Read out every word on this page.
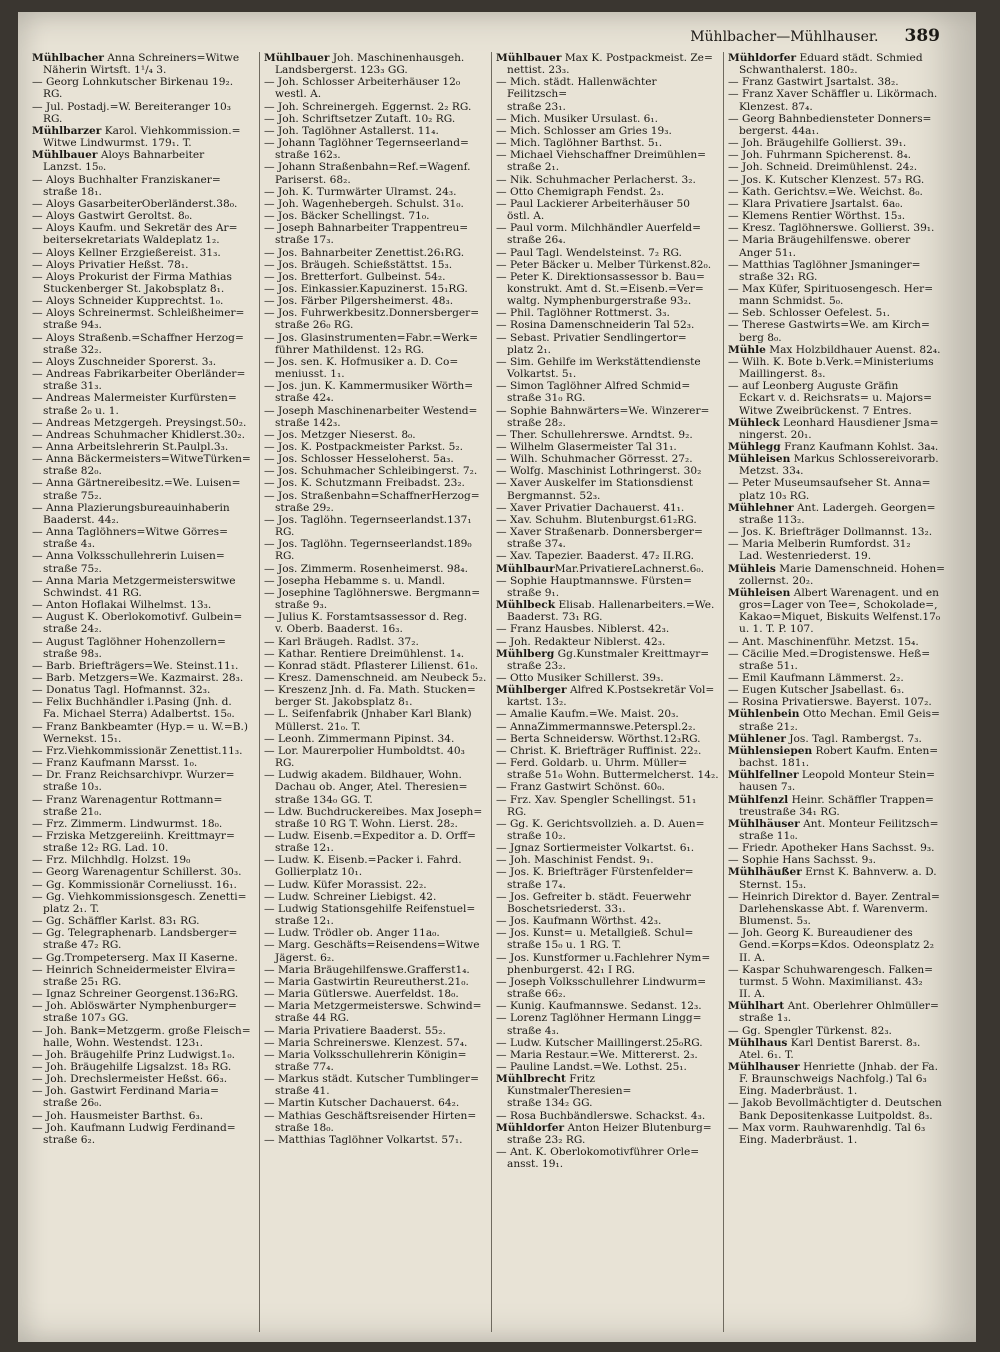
Mühlbacher—Mühlhauser. 389

Mühlbacher Anna Schreiners=Witwe
Näherin Wirtsft. 1¹/₄ 3.

— Georg Lohnkutscher Birkenau 19₂.
RG.

— Jul. Postadj.=W. Bereiteranger 10₃
RG.

Mühlbarzer Karol. Viehkommission.=
Witwe Lindwurmst. 179₁. T.

Mühlbauer Aloys Bahnarbeiter
Lanzst. 15₀.

— Aloys Buchhalter Franziskaner=
straße 18₁.

— Aloys GasarbeiterOberländerst.38₀.

— Aloys Gastwirt Geroltst. 8₀.

— Aloys Kaufm. und Sekretär des Ar=
beitersekretariats Waldeplatz 1₂.

— Aloys Kellner Erzgießereist. 31₃.

— Aloys Privatier Heßst. 78₁.

— Aloys Prokurist der Firma Mathias
Stuckenberger St. Jakobsplatz 8₁.

— Aloys Schneider Kupprechtst. 1₀.

— Aloys Schreinermst. Schleißheimer=
straße 94₃.

— Aloys Straßenb.=Schaffner Herzog=
straße 32₂.

— Aloys Zuschneider Sporerst. 3₃.

— Andreas Fabrikarbeiter Oberländer=
straße 31₃.

— Andreas Malermeister Kurfürsten=
straße 2₀ u. 1.

— Andreas Metzgergeh. Preysingst.50₂.

— Andreas Schuhmacher Khidlerst.30₂.

— Anna Arbeitslehrerin St.Paulpl.3₃.

— Anna Bäckermeisters=WitweTürken=
straße 82₀.

— Anna Gärtnereibesitz.=We. Luisen=
straße 75₂.

— Anna Plazierungsbureauinhaberin
Baaderst. 44₂.

— Anna Taglöhners=Witwe Görres=
straße 4₃.

— Anna Volksschullehrerin Luisen=
straße 75₂.

— Anna Maria Metzgermeisterswitwe
Schwindst. 41 RG.

— Anton Hoflakai Wilhelmst. 13₃.

— August K. Oberlokomotivf. Gulbein=
straße 24₂.

— August Taglöhner Hohenzollern=
straße 98₃.

— Barb. Briefträgers=We. Steinst.11₁.

— Barb. Metzgers=We. Kazmairst. 28₃.

— Donatus Tagl. Hofmannst. 32₃.

— Felix Buchhändler i.Pasing (Jnh. d.
Fa. Michael Sterra) Adalbertst. 15₀.

— Franz Bankbeamter (Hyp.= u. W.=B.)
Wernekst. 15₁.

— Frz.Viehkommissionär Zenettist.11₃.

— Franz Kaufmann Marsst. 1₀.

— Dr. Franz Reichsarchivpr. Wurzer=
straße 10₃.

— Franz Warenagentur Rottmann=
straße 21₀.

— Frz. Zimmerm. Lindwurmst. 18₀.

— Frziska Metzgereiinh. Kreittmayr=
straße 12₂ RG. Lad. 10.

— Frz. Milchhdlg. Holzst. 19₀

— Georg Warenagentur Schillerst. 30₃.

— Gg. Kommissionär Corneliusst. 16₁.

— Gg. Viehkommissionsgesch. Zenetti=
platz 2₁. T.

— Gg. Schäffler Karlst. 83₁ RG.

— Gg. Telegraphenarb. Landsberger=
straße 47₂ RG.

— Gg.Trompeterserg. Max II Kaserne.

— Heinrich Schneidermeister Elvira=
straße 25₁ RG.

— Ignaz Schreiner Georgenst.136₂RG.

— Joh. Ablöswärter Nymphenburger=
straße 107₃ GG.

— Joh. Bank=Metzgerm. große Fleisch=
halle, Wohn. Westendst. 123₁.

— Joh. Bräugehilfe Prinz Ludwigst.1₀.

— Joh. Bräugehilfe Ligsalzst. 18₃ RG.

— Joh. Drechslermeister Heßst. 66₃.

— Joh. Gastwirt Ferdinand Maria=
straße 26₀.

— Joh. Hausmeister Barthst. 6₃.

— Joh. Kaufmann Ludwig Ferdinand=
straße 6₂.

Mühlbauer Joh. Maschinenhausgeh.
Landsbergerst. 123₃ GG.

— Joh. Schlosser Arbeiterhäuser 12₀
westl. A.

— Joh. Schreinergeh. Eggernst. 2₂ RG.

— Joh. Schriftsetzer Zutaft. 10₂ RG.

— Joh. Taglöhner Astallerst. 11₄.

— Johann Taglöhner Tegernseerland=
straße 162₃.

— Johann Straßenbahn=Ref.=Wagenf.
Pariserst. 68₂.

— Joh. K. Turmwärter Ulramst. 24₃.

— Joh. Wagenhebergeh. Schulst. 31₀.

— Jos. Bäcker Schellingst. 71₀.

— Joseph Bahnarbeiter Trappentreu=
straße 17₃.

— Jos. Bahnarbeiter Zenettist.26₁RG.

— Jos. Bräugeh. Schießstättst. 15₃.

— Jos. Bretterfort. Gulbeinst. 54₂.

— Jos. Einkassier.Kapuzinerst. 15₁RG.

— Jos. Färber Pilgersheimerst. 48₃.

— Jos. Fuhrwerkbesitz.Donnersberger=
straße 26₀ RG.

— Jos. Glasinstrumenten=Fabr.=Werk=
führer Mathildenst. 12₃ RG.

— Jos. sen. K. Hofmusiker a. D. Co=
meniusst. 1₁.

— Jos. jun. K. Kammermusiker Wörth=
straße 42₄.

— Joseph Maschinenarbeiter Westend=
straße 142₃.

— Jos. Metzger Nieserst. 8₀.

— Jos. K. Postpackmeister Parkst. 5₂.

— Jos. Schlosser Hesseloherst. 5a₃.

— Jos. Schuhmacher Schleibingerst. 7₂.

— Jos. K. Schutzmann Freibadst. 23₂.

— Jos. Straßenbahn=SchaffnerHerzog=
straße 29₂.

— Jos. Taglöhn. Tegernseerlandst.137₁
RG.

— Jos. Taglöhn. Tegernseerlandst.189₀
RG.

— Jos. Zimmerm. Rosenheimerst. 98₄.

— Josepha Hebamme s. u. Mandl.

— Josephine Taglöhnerswe. Bergmann=
straße 9₃.

— Julius K. Forstamtsassessor d. Reg.
v. Oberb. Baaderst. 16₃.

— Karl Bräugeh. Radlst. 37₂.

— Kathar. Rentiere Dreimühlenst. 1₄.

— Konrad städt. Pflasterer Lilienst. 61₀.

— Kresz. Damenschneid. am Neubeck 5₂.

— Kreszenz Jnh. d. Fa. Math. Stucken=
berger St. Jakobsplatz 8₁.

— L. Seifenfabrik (Jnhaber Karl Blank)
Müllerst. 21₀. T.

— Leonh. Zimmermann Pipinst. 34.

— Lor. Maurerpolier Humboldtst. 40₃
RG.

— Ludwig akadem. Bildhauer, Wohn.
Dachau ob. Anger, Atel. Theresien=
straße 134₀ GG. T.

— Ldw. Buchdruckereibes. Max Joseph=
straße 10 RG T. Wohn. Lierst. 28₂.

— Ludw. Eisenb.=Expeditor a. D. Orff=
straße 12₁.

— Ludw. K. Eisenb.=Packer i. Fahrd.
Gollierplatz 10₁.

— Ludw. Küfer Morassist. 22₂.

— Ludw. Schreiner Liebigst. 42.

— Ludwig Stationsgehilfe Reifenstuel=
straße 12₁.

— Ludw. Trödler ob. Anger 11a₀.

— Marg. Geschäfts=Reisendens=Witwe
Jägerst. 6₂.

— Maria Bräugehilfenswe.Grafferst1₄.

— Maria Gastwirtin Reureutherst.21₀.

— Maria Gütlerswe. Auerfeldst. 18₀.

— Maria Metzgermeisterswe. Schwind=
straße 44 RG.

— Maria Privatiere Baaderst. 55₂.

— Maria Schreinerswe. Klenzest. 57₄.

— Maria Volksschullehrerin Königin=
straße 77₄.

— Markus städt. Kutscher Tumblinger=
straße 41.

— Martin Kutscher Dachauerst. 64₂.

— Mathias Geschäftsreisender Hirten=
straße 18₀.

— Matthias Taglöhner Volkartst. 57₁.

Mühlbauer Max K. Postpackmeist. Ze=
nettist. 23₃.

— Mich. städt. Hallenwächter Feilitzsch=
straße 23₁.

— Mich. Musiker Ursulast. 6₁.

— Mich. Schlosser am Gries 19₃.

— Mich. Taglöhner Barthst. 5₁.

— Michael Viehschaffner Dreimühlen=
straße 2₁.

— Nik. Schuhmacher Perlacherst. 3₂.

— Otto Chemigraph Fendst. 2₃.

— Paul Lackierer Arbeiterhäuser 50
östl. A.

— Paul vorm. Milchhändler Auerfeld=
straße 26₄.

— Paul Tagl. Wendelsteinst. 7₂ RG.

— Peter Bäcker u. Melber Türkenst.82₀.

— Peter K. Direktionsassessor b. Bau=
konstrukt. Amt d. St.=Eisenb.=Ver=
waltg. Nymphenburgerstraße 93₂.

— Phil. Taglöhner Rottmerst. 3₃.

— Rosina Damenschneiderin Tal 52₃.

— Sebast. Privatier Sendlingertor=
platz 2₁.

— Sim. Gehilfe im Werkstättendienste
Volkartst. 5₁.

— Simon Taglöhner Alfred Schmid=
straße 31₀ RG.

— Sophie Bahnwärters=We. Winzerer=
straße 28₂.

— Ther. Schullehrerswe. Arndtst. 9₂.

— Wilhelm Glasermeister Tal 31₁.

— Wilh. Schuhmacher Görresst. 27₂.

— Wolfg. Maschinist Lothringerst. 30₂

— Xaver Auskelfer im Stationsdienst
Bergmannst. 52₃.

— Xaver Privatier Dachauerst. 41₁.

— Xav. Schuhm. Blutenburgst.61₂RG.

— Xaver Straßenarb. Donnersberger=
straße 37₄.

— Xav. Tapezier. Baaderst. 47₂ II.RG.

MühlbaurMar.PrivatiereLachnerst.6₀.

— Sophie Hauptmannswe. Fürsten=
straße 9₁.

Mühlbeck Elisab. Hallenarbeiters.=We.
Baaderst. 73₁ RG.

— Franz Hausbes. Niblerst. 42₃.

— Joh. Redakteur Niblerst. 42₃.

Mühlberg Gg.Kunstmaler Kreittmayr=
straße 23₂.

— Otto Musiker Schillerst. 39₃.

Mühlberger Alfred K.Postsekretär Vol=
kartst. 13₂.

— Amalie Kaufm.=We. Maist. 20₃.

— AnnaZimmermannswe.Peterspl.2₂.

— Berta Schneidersw. Wörthst.12₃RG.

— Christ. K. Briefträger Ruffinist. 22₂.

— Ferd. Goldarb. u. Uhrm. Müller=
straße 51₀ Wohn. Buttermelcherst. 14₂.

— Franz Gastwirt Schönst. 60₀.

— Frz. Xav. Spengler Schellingst. 51₁
RG.

— Gg. K. Gerichtsvollzieh. a. D. Auen=
straße 10₂.

— Jgnaz Sortiermeister Volkartst. 6₁.

— Joh. Maschinist Fendst. 9₁.

— Jos. K. Briefträger Fürstenfelder=
straße 17₄.

— Jos. Gefreiter b. städt. Feuerwehr
Boschetsriederst. 33₁.

— Jos. Kaufmann Wörthst. 42₃.

— Jos. Kunst= u. Metallgieß. Schul=
straße 15₀ u. 1 RG. T.

— Jos. Kunstformer u.Fachlehrer Nym=
phenburgerst. 42₁ I RG.

— Joseph Volksschullehrer Lindwurm=
straße 66₂.

— Kunig. Kaufmannswe. Sedanst. 12₃.

— Lorenz Taglöhner Hermann Lingg=
straße 4₃.

— Ludw. Kutscher Maillingerst.25₀RG.

— Maria Restaur.=We. Mittererst. 2₃.

— Pauline Landst.=We. Lothst. 25₁.

Mühlbrecht Fritz KunstmalerTheresien=
straße 134₂ GG.

— Rosa Buchbändlerswe. Schackst. 4₃.

Mühldorfer Anton Heizer Blutenburg=
straße 23₂ RG.

— Ant. K. Oberlokomotivführer Orle=
ansst. 19₁.

Mühldorfer Eduard städt. Schmied
Schwanthalerst. 180₂.

— Franz Gastwirt Jsartalst. 38₂.

— Franz Xaver Schäffler u. Likörmach.
Klenzest. 87₄.

— Georg Bahnbediensteter Donners=
bergerst. 44a₁.

— Joh. Bräugehilfe Gollierst. 39₁.

— Joh. Fuhrmann Spicherenst. 8₄.

— Joh. Schneid. Dreimühlenst. 24₂.

— Jos. K. Kutscher Klenzest. 57₃ RG.

— Kath. Gerichtsv.=We. Weichst. 8₀.

— Klara Privatiere Jsartalst. 6a₀.

— Klemens Rentier Wörthst. 15₃.

— Kresz. Taglöhnerswe. Gollierst. 39₁.

— Maria Bräugehilfenswe. oberer
Anger 51₁.

— Matthias Taglöhner Jsmaninger=
straße 32₁ RG.

— Max Küfer, Spirituosengesch. Her=
mann Schmidst. 5₀.

— Seb. Schlosser Oefelest. 5₁.

— Therese Gastwirts=We. am Kirch=
berg 8₀.

Mühle Max Holzbildhauer Auenst. 82₄.

— Wilh. K. Bote b.Verk.=Ministeriums
Maillingerst. 8₃.

— auf Leonberg Auguste Gräfin
Eckart v. d. Reichsrats= u. Majors=
Witwe Zweibrückenst. 7 Entres.

Mühleck Leonhard Hausdiener Jsma=
ningerst. 20₁.

Mühlegg Franz Kaufmann Kohlst. 3a₄.

Mühleisen Markus Schlossereivorarb.
Metzst. 33₄.

— Peter Museumsaufseher St. Anna=
platz 10₃ RG.

Mühlehner Ant. Ladergeh. Georgen=
straße 113₂.

— Jos. K. Briefträger Dollmannst. 13₂.

— Maria Melberin Rumfordst. 31₂
Lad. Westenriederst. 19.

Mühleis Marie Damenschneid. Hohen=
zollernst. 20₂.

Mühleisen Albert Warenagent. und en
gros=Lager von Tee=, Schokolade=,
Kakao=Miquet, Biskuits Welfenst.17₀
u. 1. T. P. 107.

— Ant. Maschinenführ. Metzst. 15₄.

— Cäcilie Med.=Drogistenswe. Heß=
straße 51₁.

— Emil Kaufmann Lämmerst. 2₂.

— Eugen Kutscher Jsabellast. 6₃.

— Rosina Privatierswe. Bayerst. 107₂.

Mühlenbein Otto Mechan. Emil Geis=
straße 21₂.

Mühlener Jos. Tagl. Rambergst. 7₃.

Mühlensiepen Robert Kaufm. Enten=
bachst. 181₁.

Mühlfellner Leopold Monteur Stein=
hausen 7₃.

Mühlfenzl Heinr. Schäffler Trappen=
treustraße 34₁ RG.

Mühlhäuser Ant. Monteur Feilitzsch=
straße 11₀.

— Friedr. Apotheker Hans Sachsst. 9₃.

— Sophie Hans Sachsst. 9₃.

Mühlhäußer Ernst K. Bahnverw. a. D.
Sternst. 15₃.

— Heinrich Direktor d. Bayer. Zentral=
Darlehenskasse Abt. f. Warenverm.
Blumenst. 5₃.

— Joh. Georg K. Bureaudiener des
Gend.=Korps=Kdos. Odeonsplatz 2₂
II. A.

— Kaspar Schuhwarengesch. Falken=
turmst. 5 Wohn. Maximilianst. 43₂
II. A.

Mühlhart Ant. Oberlehrer Ohlmüller=
straße 1₃.

— Gg. Spengler Türkenst. 82₃.

Mühlhaus Karl Dentist Barerst. 8₃.
Atel. 6₁. T.

Mühlhauser Henriette (Jnhab. der Fa.
F. Braunschweigs Nachfolg.) Tal 6₃
Eing. Maderbräust. 1.

— Jakob Bevollmächtigter d. Deutschen
Bank Depositenkasse Luitpoldst. 8₃.

— Max vorm. Rauhwarenhdlg. Tal 6₃
Eing. Maderbräust. 1.
